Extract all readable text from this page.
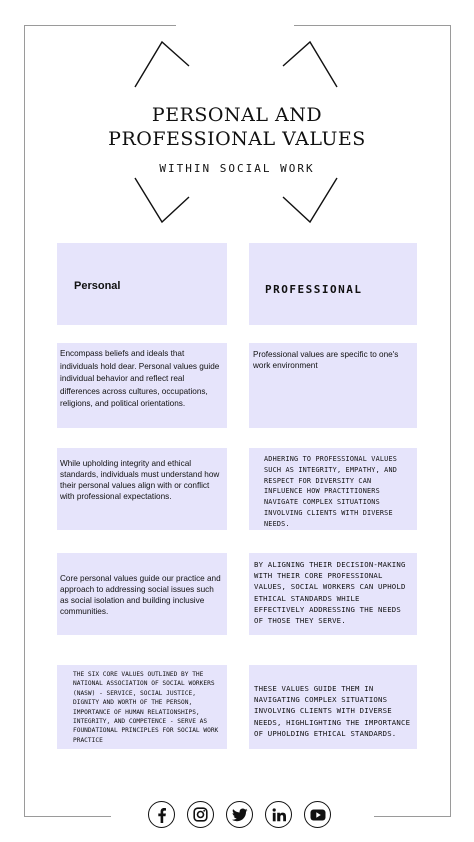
PERSONAL AND
PROFESSIONAL VALUES
WITHIN SOCIAL WORK
Personal	PROFESSIONAL
Encompass beliefs and ideals that individuals hold dear. Personal values guide individual behavior and reflect real differences across cultures, occupations, religions, and political orientations.
Professional values are specific to one's work environment
While upholding integrity and ethical standards, individuals must understand how their personal values align with or conflict with professional expectations.
ADHERING TO PROFESSIONAL VALUES SUCH AS INTEGRITY, EMPATHY, AND RESPECT FOR DIVERSITY CAN INFLUENCE HOW PRACTITIONERS NAVIGATE COMPLEX SITUATIONS INVOLVING CLIENTS WITH DIVERSE NEEDS.
Core personal values guide our practice and approach to addressing social issues such as social isolation and building inclusive communities.
BY ALIGNING THEIR DECISION-MAKING WITH THEIR CORE PROFESSIONAL VALUES, SOCIAL WORKERS CAN UPHOLD ETHICAL STANDARDS WHILE EFFECTIVELY ADDRESSING THE NEEDS OF THOSE THEY SERVE.
THE SIX CORE VALUES OUTLINED BY THE NATIONAL ASSOCIATION OF SOCIAL WORKERS (NASW) - SERVICE, SOCIAL JUSTICE, DIGNITY AND WORTH OF THE PERSON, IMPORTANCE OF HUMAN RELATIONSHIPS, INTEGRITY, AND COMPETENCE - SERVE AS FOUNDATIONAL PRINCIPLES FOR SOCIAL WORK PRACTICE
THESE VALUES GUIDE THEM IN NAVIGATING COMPLEX SITUATIONS INVOLVING CLIENTS WITH DIVERSE NEEDS, HIGHLIGHTING THE IMPORTANCE OF UPHOLDING ETHICAL STANDARDS.
